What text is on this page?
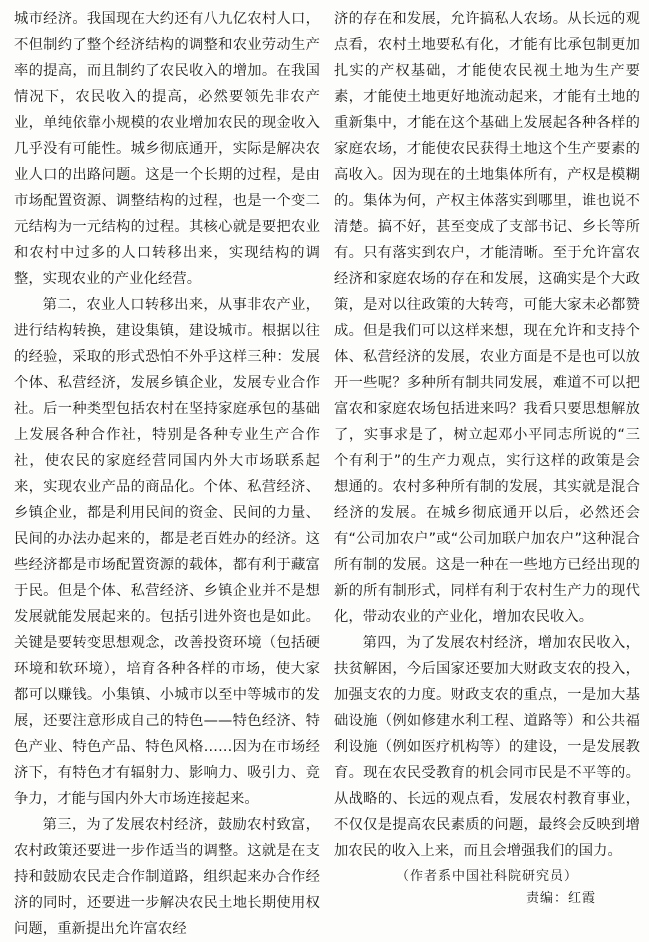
城市经济。我国现在大约还有八九亿农村人口，不但制约了整个经济结构的调整和农业劳动生产率的提高，而且制约了农民收入的增加。在我国情况下，农民收入的提高，必然要领先非农产业，单纯依靠小规模的农业增加农民的现金收入几乎没有可能性。城乡彻底通开，实际是解决农业人口的出路问题。这是一个长期的过程，是由市场配置资源、调整结构的过程，也是一个变二元结构为一元结构的过程。其核心就是要把农业和农村中过多的人口转移出来，实现结构的调整，实现农业的产业化经营。

第二，农业人口转移出来，从事非农产业，进行结构转换，建设集镇，建设城市。根据以往的经验，采取的形式恐怕不外乎这样三种：发展个体、私营经济，发展乡镇企业，发展专业合作社。后一种类型包括农村在坚持家庭承包的基础上发展各种合作社，特别是各种专业生产合作社，使农民的家庭经营同国内外大市场联系起来，实现农业产品的商品化。个体、私营经济、乡镇企业，都是利用民间的资金、民间的力量、民间的办法办起来的，都是老百姓办的经济。这些经济都是市场配置资源的载体，都有利于藏富于民。但是个体、私营经济、乡镇企业并不是想发展就能发展起来的。包括引进外资也是如此。关键是要转变思想观念，改善投资环境（包括硬环境和软环境），培育各种各样的市场，使大家都可以赚钱。小集镇、小城市以至中等城市的发展，还要注意形成自己的特色——特色经济、特色产业、特色产品、特色风格……因为在市场经济下，有特色才有辐射力、影响力、吸引力、竞争力，才能与国内外大市场连接起来。

第三，为了发展农村经济，鼓励农村致富，农村政策还要进一步作适当的调整。这就是在支持和鼓励农民走合作制道路，组织起来办合作经济的同时，还要进一步解决农民土地长期使用权问题，重新提出允许富农经

济的存在和发展，允许搞私人农场。从长远的观点看，农村土地要私有化，才能有比承包制更加扎实的产权基础，才能使农民视土地为生产要素，才能使土地更好地流动起来，才能有土地的重新集中，才能在这个基础上发展起各种各样的家庭农场，才能使农民获得土地这个生产要素的高收入。因为现在的土地集体所有，产权是模糊的。集体为何，产权主体落实到哪里，谁也说不清楚。搞不好，甚至变成了支部书记、乡长等所有。只有落实到农户，才能清晰。至于允许富农经济和家庭农场的存在和发展，这确实是个大政策，是对以往政策的大转弯，可能大家未必都赞成。但是我们可以这样来想，现在允许和支持个体、私营经济的发展，农业方面是不是也可以放开一些呢？多种所有制共同发展，难道不可以把富农和家庭农场包括进来吗？我看只要思想解放了，实事求是了，树立起邓小平同志所说的“三个有利于”的生产力观点，实行这样的政策是会想通的。农村多种所有制的发展，其实就是混合经济的发展。在城乡彻底通开以后，必然还会有“公司加农户”或“公司加联户加农户”这种混合所有制的发展。这是一种在一些地方已经出现的新的所有制形式，同样有利于农村生产力的现代化，带动农业的产业化，增加农民收入。

第四，为了发展农村经济，增加农民收入，扶贫解困，今后国家还要加大财政支农的投入，加强支农的力度。财政支农的重点，一是加大基础设施（例如修建水利工程、道路等）和公共福利设施（例如医疗机构等）的建设，一是发展教育。现在农民受教育的机会同市民是不平等的。从战略的、长远的观点看，发展农村教育事业，不仅仅是提高农民素质的问题，最终会反映到增加农民的收入上来，而且会增强我们的国力。

（作者系中国社科院研究员）
责编：红霞
